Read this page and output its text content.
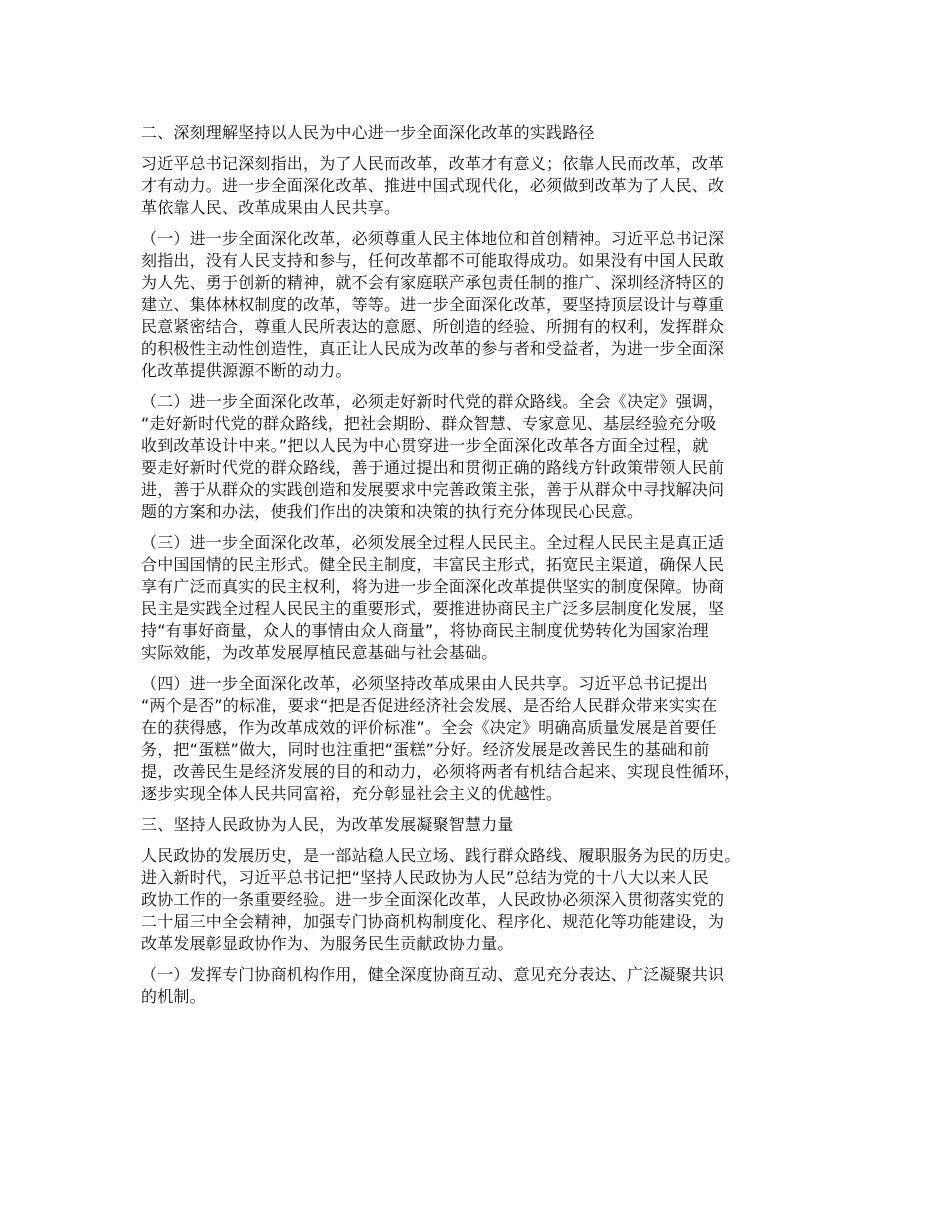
二、深刻理解坚持以人民为中心进一步全面深化改革的实践路径
习近平总书记深刻指出，为了人民而改革，改革才有意义；依靠人民而改革，改革
才有动力。进一步全面深化改革、推进中国式现代化，必须做到改革为了人民、改
革依靠人民、改革成果由人民共享。
（一）进一步全面深化改革，必须尊重人民主体地位和首创精神。习近平总书记深
刻指出，没有人民支持和参与，任何改革都不可能取得成功。如果没有中国人民敢
为人先、勇于创新的精神，就不会有家庭联产承包责任制的推广、深圳经济特区的
建立、集体林权制度的改革，等等。进一步全面深化改革，要坚持顶层设计与尊重
民意紧密结合，尊重人民所表达的意愿、所创造的经验、所拥有的权利，发挥群众
的积极性主动性创造性，真正让人民成为改革的参与者和受益者，为进一步全面深
化改革提供源源不断的动力。
（二）进一步全面深化改革，必须走好新时代党的群众路线。全会《决定》强调，
“走好新时代党的群众路线，把社会期盼、群众智慧、专家意见、基层经验充分吸
收到改革设计中来。”把以人民为中心贯穿进一步全面深化改革各方面全过程，就
要走好新时代党的群众路线，善于通过提出和贯彻正确的路线方针政策带领人民前
进，善于从群众的实践创造和发展要求中完善政策主张，善于从群众中寻找解决问
题的方案和办法，使我们作出的决策和决策的执行充分体现民心民意。
（三）进一步全面深化改革，必须发展全过程人民民主。全过程人民民主是真正适
合中国国情的民主形式。健全民主制度，丰富民主形式，拓宽民主渠道，确保人民
享有广泛而真实的民主权利，将为进一步全面深化改革提供坚实的制度保障。协商
民主是实践全过程人民民主的重要形式，要推进协商民主广泛多层制度化发展，坚
持“有事好商量，众人的事情由众人商量”，将协商民主制度优势转化为国家治理
实际效能，为改革发展厚植民意基础与社会基础。
（四）进一步全面深化改革，必须坚持改革成果由人民共享。习近平总书记提出
“两个是否”的标准，要求“把是否促进经济社会发展、是否给人民群众带来实实在
在的获得感，作为改革成效的评价标准”。全会《决定》明确高质量发展是首要任
务，把“蛋糕”做大，同时也注重把“蛋糕”分好。经济发展是改善民生的基础和前
提，改善民生是经济发展的目的和动力，必须将两者有机结合起来、实现良性循环，
逐步实现全体人民共同富裕，充分彰显社会主义的优越性。
三、坚持人民政协为人民，为改革发展凝聚智慧力量
人民政协的发展历史，是一部站稳人民立场、践行群众路线、履职服务为民的历史。
进入新时代，习近平总书记把“坚持人民政协为人民”总结为党的十八大以来人民
政协工作的一条重要经验。进一步全面深化改革，人民政协必须深入贯彻落实党的
二十届三中全会精神，加强专门协商机构制度化、程序化、规范化等功能建设，为
改革发展彰显政协作为、为服务民生贡献政协力量。
（一）发挥专门协商机构作用，健全深度协商互动、意见充分表达、广泛凝聚共识
的机制。
